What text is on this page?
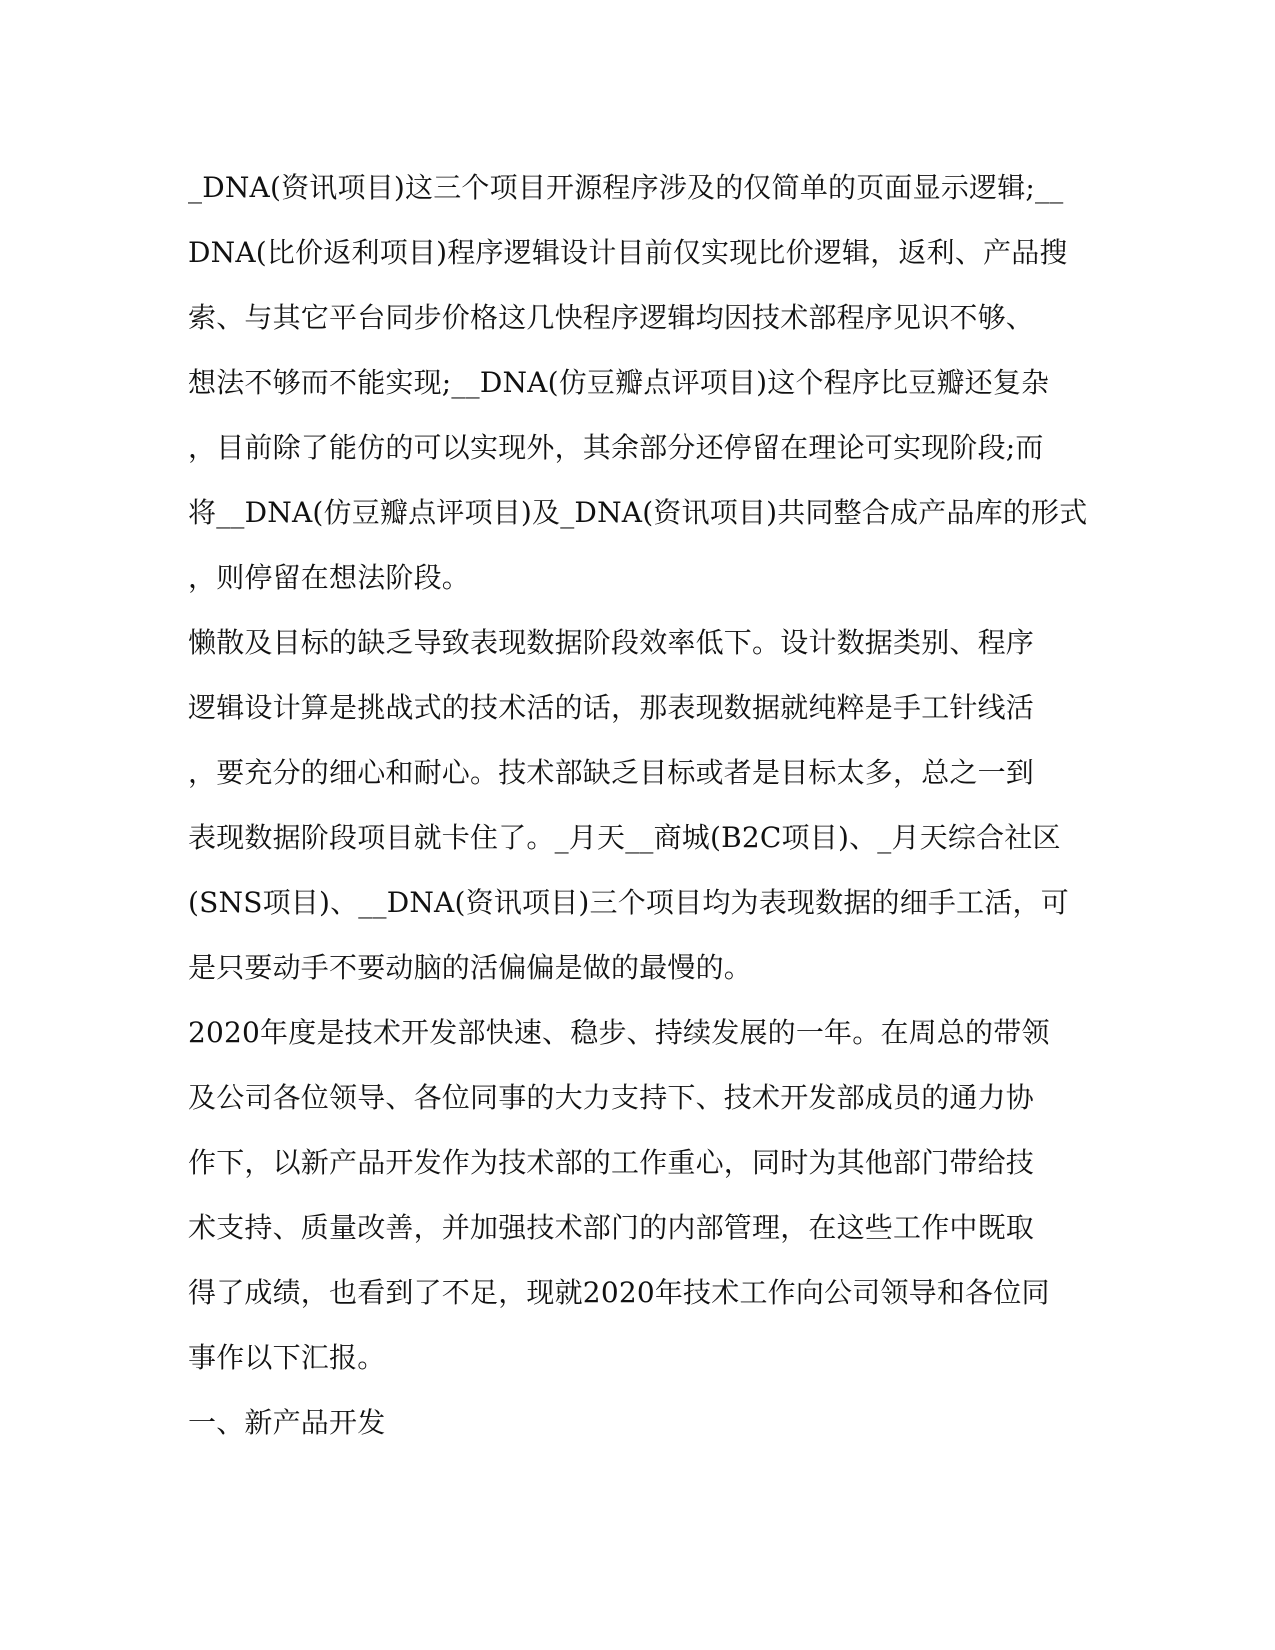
_DNA(资讯项目)这三个项目开源程序涉及的仅简单的页面显示逻辑;__
DNA(比价返利项目)程序逻辑设计目前仅实现比价逻辑，返利、产品搜
索、与其它平台同步价格这几快程序逻辑均因技术部程序见识不够、
想法不够而不能实现;__DNA(仿豆瓣点评项目)这个程序比豆瓣还复杂
，目前除了能仿的可以实现外，其余部分还停留在理论可实现阶段;而
将__DNA(仿豆瓣点评项目)及_DNA(资讯项目)共同整合成产品库的形式
，则停留在想法阶段。
懒散及目标的缺乏导致表现数据阶段效率低下。设计数据类别、程序
逻辑设计算是挑战式的技术活的话，那表现数据就纯粹是手工针线活
，要充分的细心和耐心。技术部缺乏目标或者是目标太多，总之一到
表现数据阶段项目就卡住了。_月天__商城(B2C项目)、_月天综合社区
(SNS项目)、__DNA(资讯项目)三个项目均为表现数据的细手工活，可
是只要动手不要动脑的活偏偏是做的最慢的。
2020年度是技术开发部快速、稳步、持续发展的一年。在周总的带领
及公司各位领导、各位同事的大力支持下、技术开发部成员的通力协
作下，以新产品开发作为技术部的工作重心，同时为其他部门带给技
术支持、质量改善，并加强技术部门的内部管理，在这些工作中既取
得了成绩，也看到了不足，现就2020年技术工作向公司领导和各位同
事作以下汇报。
一、新产品开发
